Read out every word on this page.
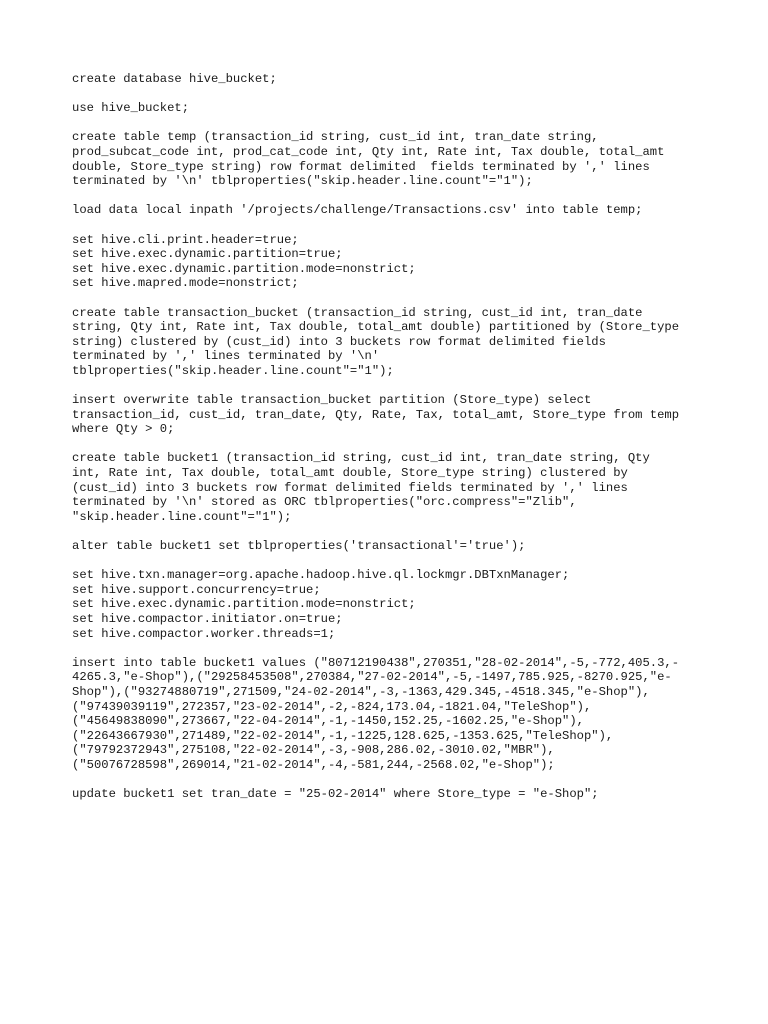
create database hive_bucket;
use hive_bucket;
create table temp (transaction_id string, cust_id int, tran_date string,
prod_subcat_code int, prod_cat_code int, Qty int, Rate int, Tax double, total_amt
double, Store_type string) row format delimited  fields terminated by ',' lines
terminated by '\n' tblproperties("skip.header.line.count"="1");
load data local inpath '/projects/challenge/Transactions.csv' into table temp;
set hive.cli.print.header=true;
set hive.exec.dynamic.partition=true;
set hive.exec.dynamic.partition.mode=nonstrict;
set hive.mapred.mode=nonstrict;
create table transaction_bucket (transaction_id string, cust_id int, tran_date
string, Qty int, Rate int, Tax double, total_amt double) partitioned by (Store_type
string) clustered by (cust_id) into 3 buckets row format delimited fields
terminated by ',' lines terminated by '\n'
tblproperties("skip.header.line.count"="1");
insert overwrite table transaction_bucket partition (Store_type) select
transaction_id, cust_id, tran_date, Qty, Rate, Tax, total_amt, Store_type from temp
where Qty > 0;
create table bucket1 (transaction_id string, cust_id int, tran_date string, Qty
int, Rate int, Tax double, total_amt double, Store_type string) clustered by
(cust_id) into 3 buckets row format delimited fields terminated by ',' lines
terminated by '\n' stored as ORC tblproperties("orc.compress"="Zlib",
"skip.header.line.count"="1");
alter table bucket1 set tblproperties('transactional'='true');
set hive.txn.manager=org.apache.hadoop.hive.ql.lockmgr.DBTxnManager;
set hive.support.concurrency=true;
set hive.exec.dynamic.partition.mode=nonstrict;
set hive.compactor.initiator.on=true;
set hive.compactor.worker.threads=1;
insert into table bucket1 values ("80712190438",270351,"28-02-2014",-5,-772,405.3,-
4265.3,"e-Shop"),("29258453508",270384,"27-02-2014",-5,-1497,785.925,-8270.925,"e-
Shop"),("93274880719",271509,"24-02-2014",-3,-1363,429.345,-4518.345,"e-Shop"),
("97439039119",272357,"23-02-2014",-2,-824,173.04,-1821.04,"TeleShop"),
("45649838090",273667,"22-04-2014",-1,-1450,152.25,-1602.25,"e-Shop"),
("22643667930",271489,"22-02-2014",-1,-1225,128.625,-1353.625,"TeleShop"),
("79792372943",275108,"22-02-2014",-3,-908,286.02,-3010.02,"MBR"),
("50076728598",269014,"21-02-2014",-4,-581,244,-2568.02,"e-Shop");
update bucket1 set tran_date = "25-02-2014" where Store_type = "e-Shop";
